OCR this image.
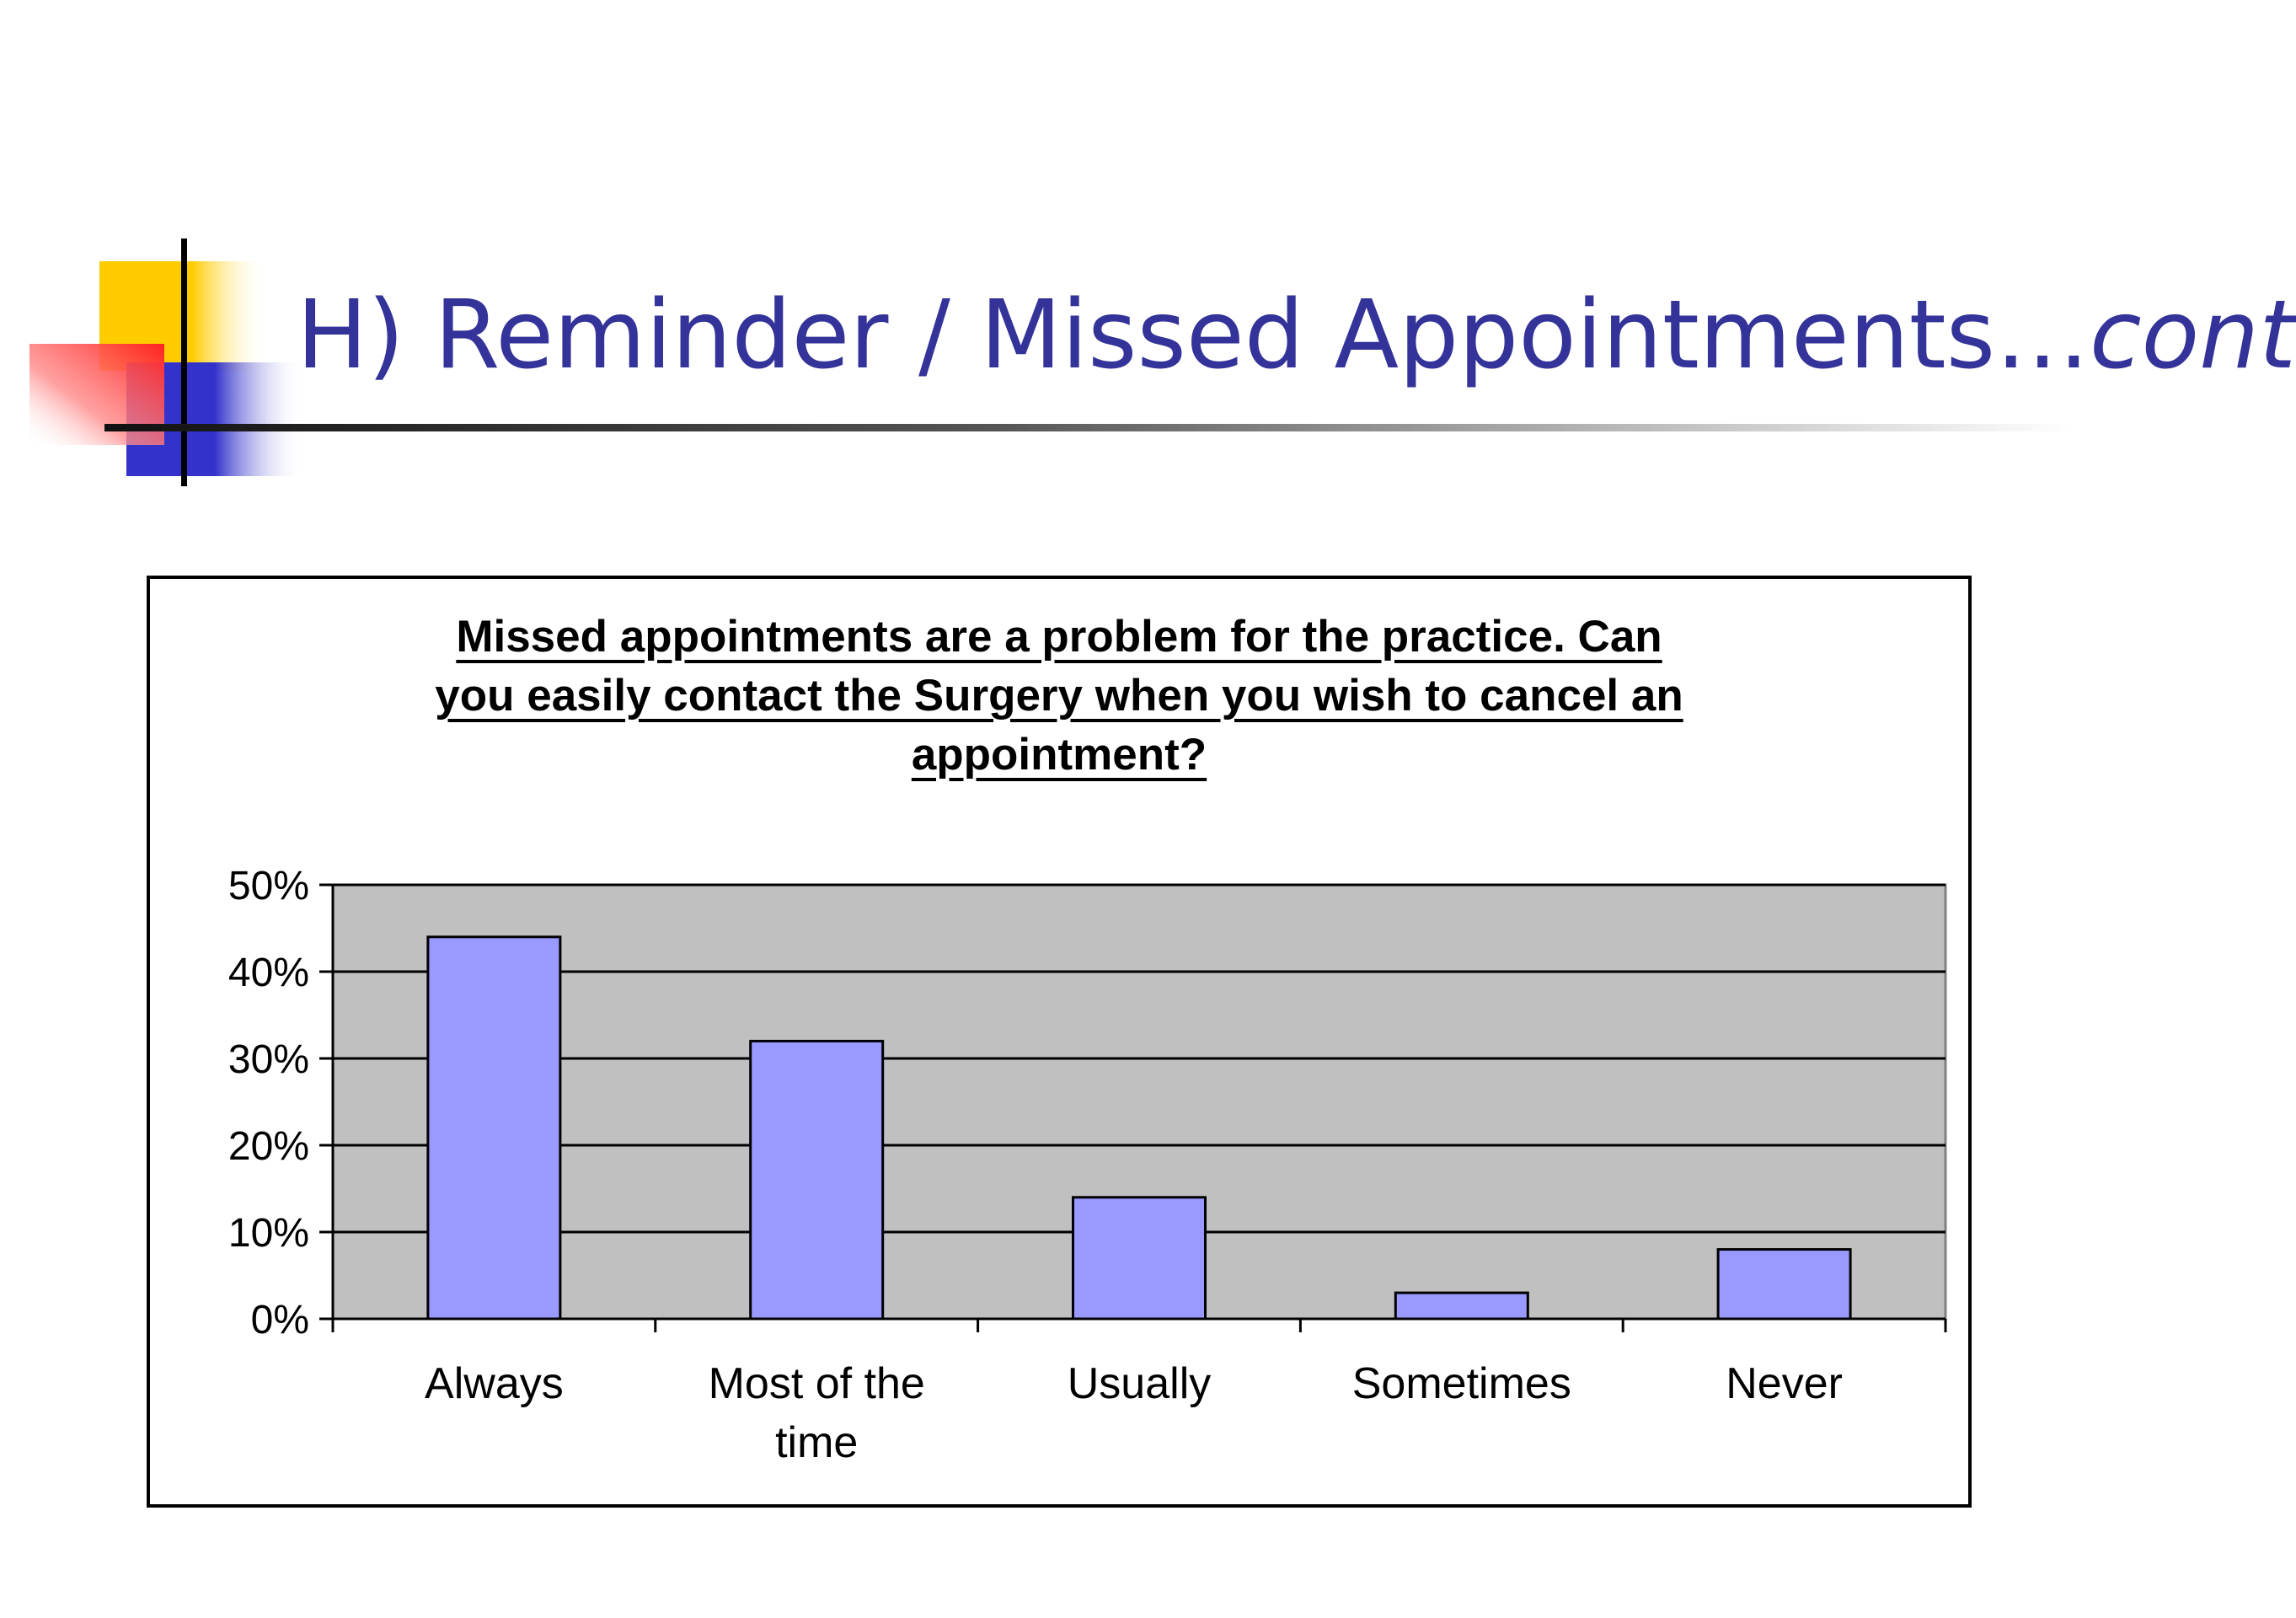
H) Reminder / Missed Appointments…cont
Missed appointments are a problem for the practice. Can
you easily contact the Surgery when you wish to cancel an
appointment?
0%
10%
20%
30%
40%
50%
Always	Most of the
time
Usually	Sometimes	Never
